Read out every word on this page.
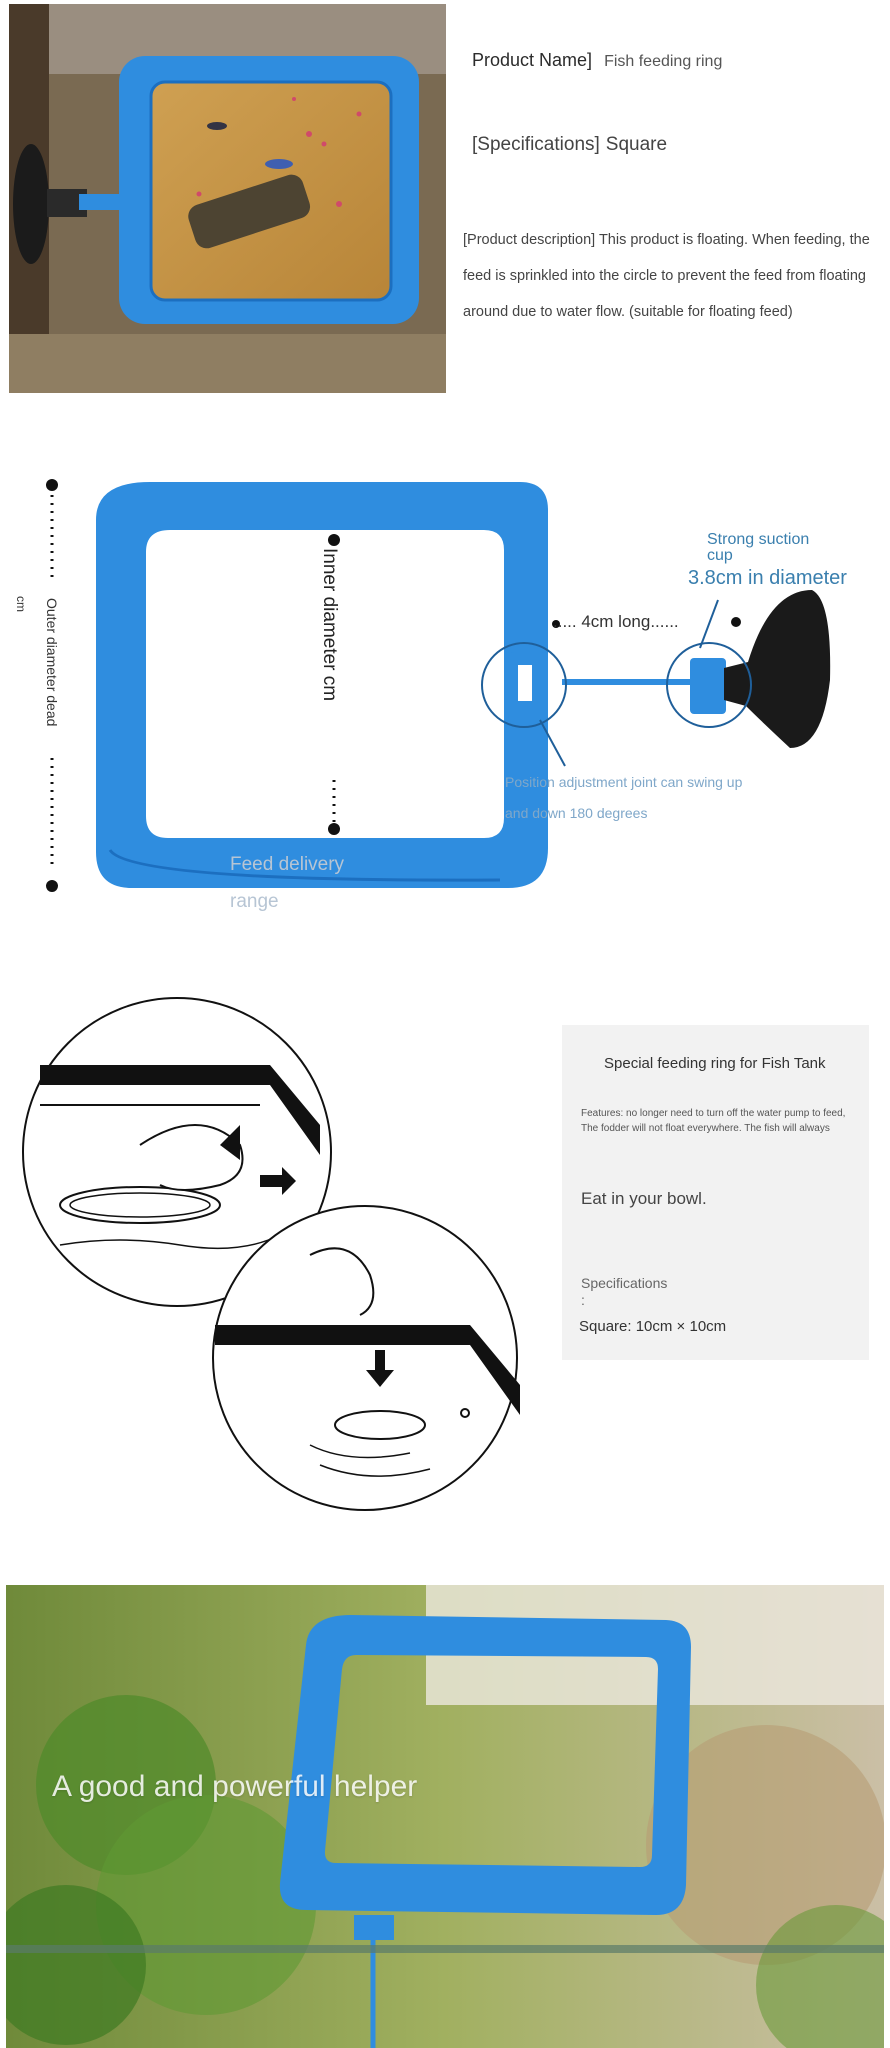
Product Name] Fish feeding ring
[Specifications] Square
[Product description] This product is floating. When feeding, the feed is sprinkled into the circle to prevent the feed from floating around due to water flow. (suitable for floating feed)
Outer diameter dead
cm	Inner diameter cm
Strong suction cup
3.8cm in diameter
..... 4cm long......
Position adjustment joint can swing up and down 180 degrees
Feed delivery range
Special feeding ring for Fish Tank
Features: no longer need to turn off the water pump to feed,
The fodder will not float everywhere. The fish will always
Eat in your bowl.
Specifications
:
Square: 10cm × 10cm
A good and powerful helper
